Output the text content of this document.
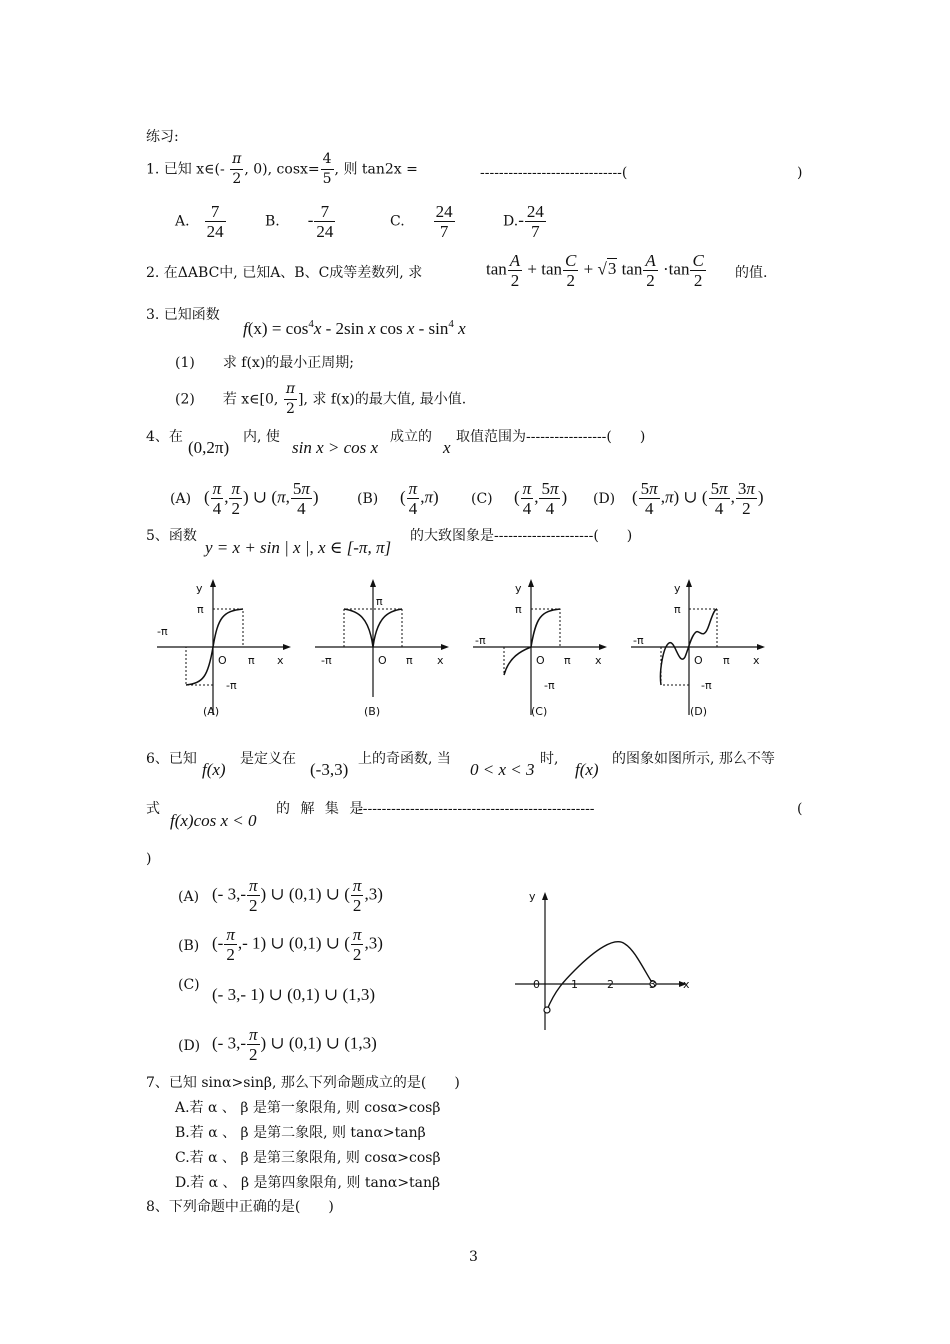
练习:
1. 已知 x∈(- $\frac{\pi}{2}$ , 0), $\cos x= \frac{4}{5}$ , 则 tan2x =	------------------------------(	)
A.　 $\frac{7}{24}$	B.　　 - $\frac{7}{24}$	C.　　 $\frac{24}{7}$	$D.- \frac{24}{7}$
2. 在ΔABC中, 已知A、B、C成等差数列, 求	$\tan \frac{A}{2} + \tan \frac{C}{2} + √3$ $\tan \frac{A}{2} \cdot\tan \frac{C}{2}$ 的值.
3. 已知函数
$f(x) = \cos^4x - 2\sin$ x cos x - $\sin^4 x$
(1)　　求 f(x)的最小正周期;
(2)　　若 x∈[0, $\frac{\pi}{2}$ ], 求 f(x)的最大值, 最小值.
4、在
(0,2π)
内, 使
sin x > cos x
成立的
x
取值范围为-----------------(　　)
(A) ( $\frac{\pi}{4}$ , $\frac{\pi}{2}$ ) ∪ (π, $\frac{5\pi}{4}$ )	(B) ( $\frac{\pi}{4} ,\pi$) (C) ( $\frac{\pi}{4}$ , $\frac{5\pi}{4}$ ) (D) ( $\frac{5\pi}{4} ,\pi$) ∪ ( $\frac{5\pi}{4}$ , $\frac{3\pi}{2}$ )
5、函数
y = x + sin | x |, x ∈ [-π, π]
的大致图象是---------------------(　　)
y
π
-π
O π x
-π
π
-π	O π x
y
π
-π
O π x
-π
y
π
-π
O π x
-π
(A)	(B)	(C)	(D)
6、已知
f(x)
是定义在
(-3,3)
上的奇函数, 当
0 < x < 3
时,
f(x)
的图象如图所示, 那么不等
式
f(x)cos x < 0
的 解 集 是
--------------------------------------------------	(
)
(A) (- $3,- \frac{\pi}{2}$ ) ∪ (0,1) ∪ ( $\frac{\pi}{2} ,3$)
(B) (- $\frac{\pi}{2}$ ,- 1) ∪ (0,1) ∪ ( $\frac{\pi}{2} ,3$)
(C) (- 3,- 1) ∪ (0,1) ∪ (1,3)
(D) (- $3,- \frac{\pi}{2}$ ) ∪ (0,1) ∪ (1,3)
y
0	1	2	3 x
7、已知 sinα>sinβ, 那么下列命题成立的是(　　)
A.若 α 、 β 是第一象限角, 则 cosα>cosβ
B.若 α 、 β 是第二象限, 则 tanα>tanβ
C.若 α 、 β 是第三象限角, 则 cosα>cosβ
D.若 α 、 β 是第四象限角, 则 tanα>tanβ
8、下列命题中正确的是(　　)
3
